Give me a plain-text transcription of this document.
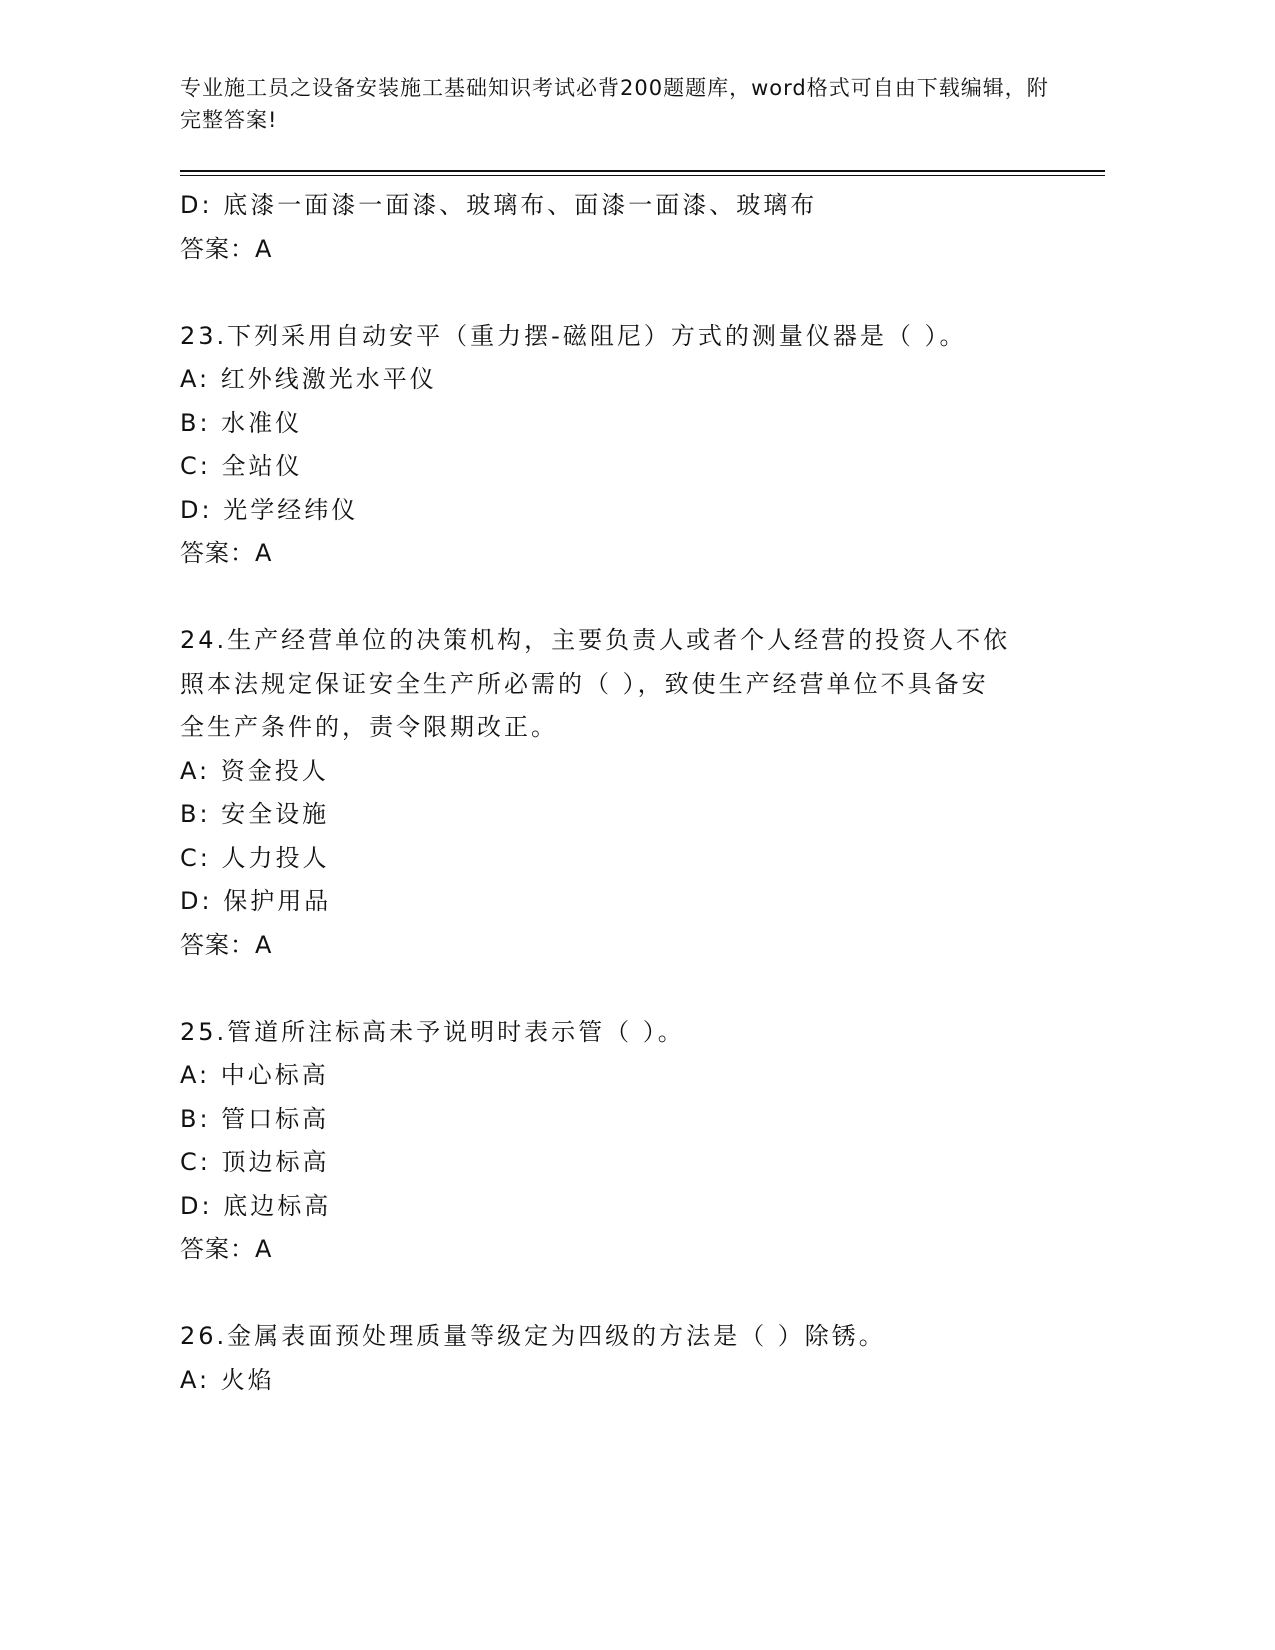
专业施工员之设备安装施工基础知识考试必背200题题库，word格式可自由下载编辑，附完整答案!
D: 底漆一面漆一面漆、玻璃布、面漆一面漆、玻璃布
答案：A
23.下列采用自动安平（重力摆-磁阻尼）方式的测量仪器是（ ）。
A: 红外线激光水平仪
B: 水准仪
C: 全站仪
D: 光学经纬仪
答案：A
24.生产经营单位的决策机构，主要负责人或者个人经营的投资人不依
照本法规定保证安全生产所必需的（ ），致使生产经营单位不具备安
全生产条件的，责令限期改正。
A: 资金投人
B: 安全设施
C: 人力投人
D: 保护用品
答案：A
25.管道所注标高未予说明时表示管（ ）。
A: 中心标高
B: 管口标高
C: 顶边标高
D: 底边标高
答案：A
26.金属表面预处理质量等级定为四级的方法是（ ）除锈。
A: 火焰
